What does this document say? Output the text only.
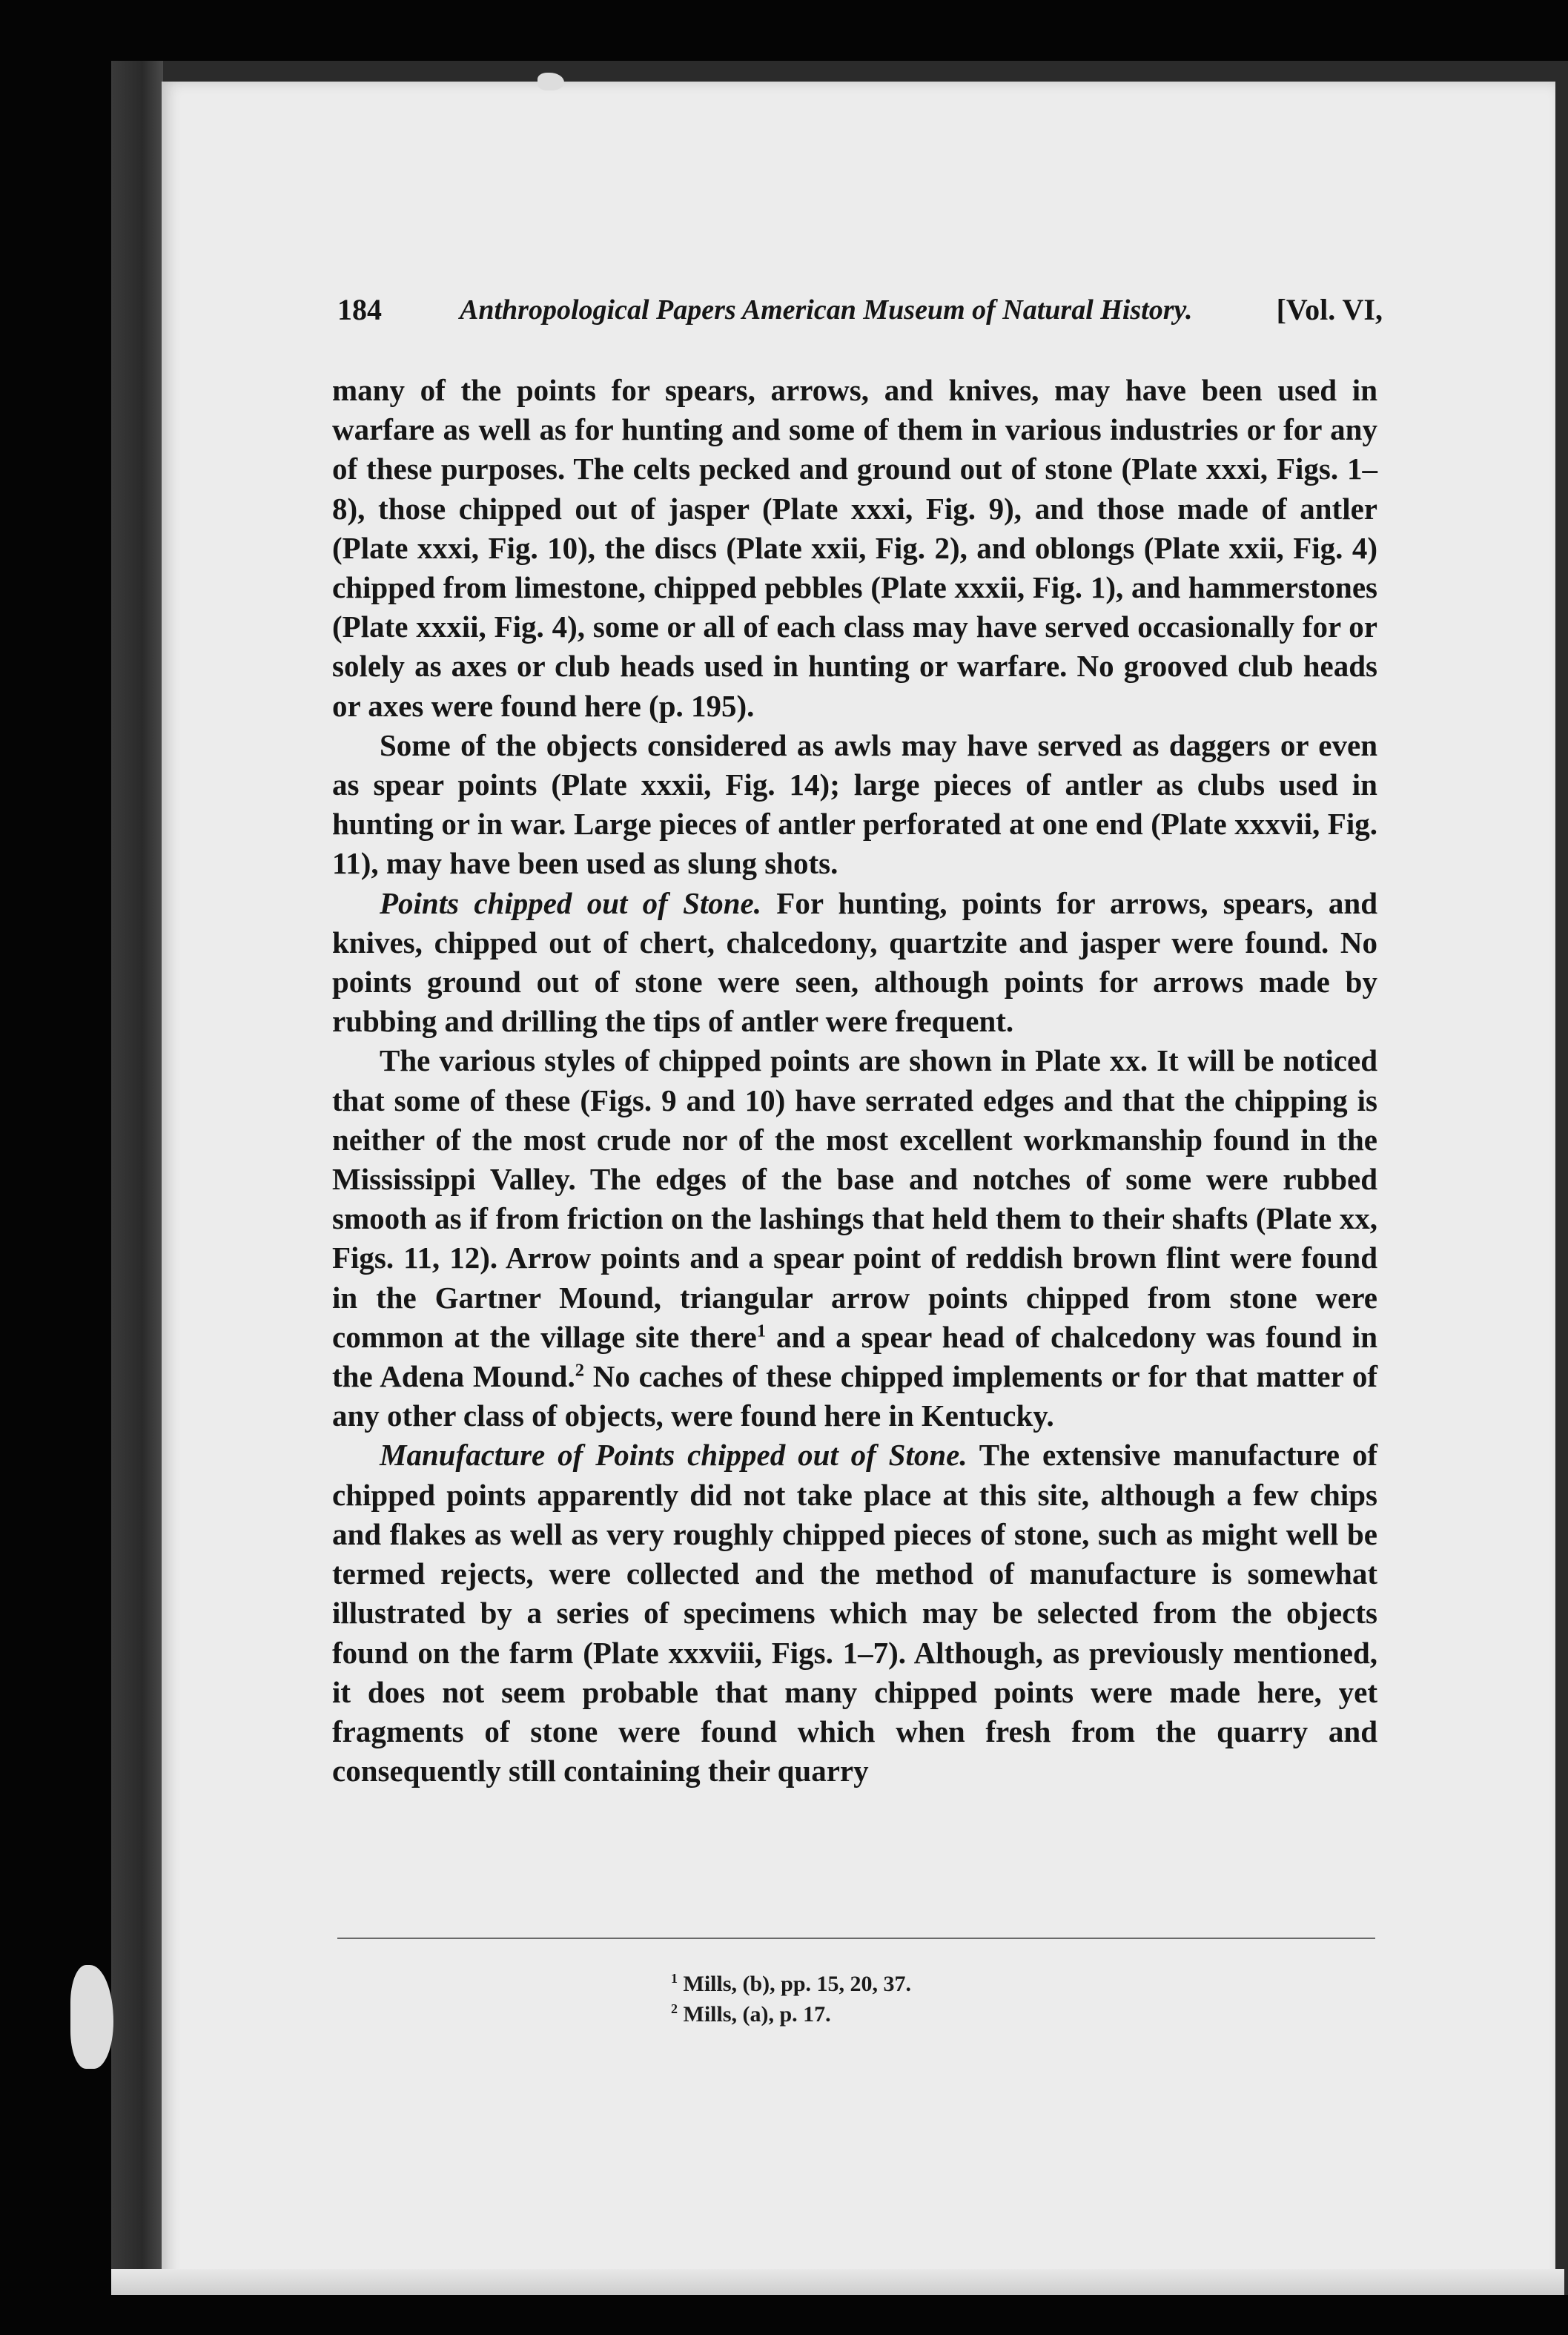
184	Anthropological Papers American Museum of Natural History.	[Vol. VI,

many of the points for spears, arrows, and knives, may have been used in warfare as well as for hunting and some of them in various industries or for any of these purposes. The celts pecked and ground out of stone (Plate xxxi, Figs. 1–8), those chipped out of jasper (Plate xxxi, Fig. 9), and those made of antler (Plate xxxi, Fig. 10), the discs (Plate xxii, Fig. 2), and oblongs (Plate xxii, Fig. 4) chipped from limestone, chipped pebbles (Plate xxxii, Fig. 1), and hammerstones (Plate xxxii, Fig. 4), some or all of each class may have served occasionally for or solely as axes or club heads used in hunting or warfare. No grooved club heads or axes were found here (p. 195).

Some of the objects considered as awls may have served as daggers or even as spear points (Plate xxxii, Fig. 14); large pieces of antler as clubs used in hunting or in war. Large pieces of antler perforated at one end (Plate xxxvii, Fig. 11), may have been used as slung shots.

Points chipped out of Stone. For hunting, points for arrows, spears, and knives, chipped out of chert, chalcedony, quartzite and jasper were found. No points ground out of stone were seen, although points for arrows made by rubbing and drilling the tips of antler were frequent.

The various styles of chipped points are shown in Plate xx. It will be noticed that some of these (Figs. 9 and 10) have serrated edges and that the chipping is neither of the most crude nor of the most excellent workmanship found in the Mississippi Valley. The edges of the base and notches of some were rubbed smooth as if from friction on the lashings that held them to their shafts (Plate xx, Figs. 11, 12). Arrow points and a spear point of reddish brown flint were found in the Gartner Mound, triangular arrow points chipped from stone were common at the village site there$^1$ and a spear head of chalcedony was found in the Adena Mound.$^2$ No caches of these chipped implements or for that matter of any other class of objects, were found here in Kentucky.

Manufacture of Points chipped out of Stone. The extensive manufacture of chipped points apparently did not take place at this site, although a few chips and flakes as well as very roughly chipped pieces of stone, such as might well be termed rejects, were collected and the method of manufacture is somewhat illustrated by a series of specimens which may be selected from the objects found on the farm (Plate xxxviii, Figs. 1–7). Although, as previously mentioned, it does not seem probable that many chipped points were made here, yet fragments of stone were found which when fresh from the quarry and consequently still containing their quarry

$^1$ Mills, (b), pp. 15, 20, 37.
$^2$ Mills, (a), p. 17.
